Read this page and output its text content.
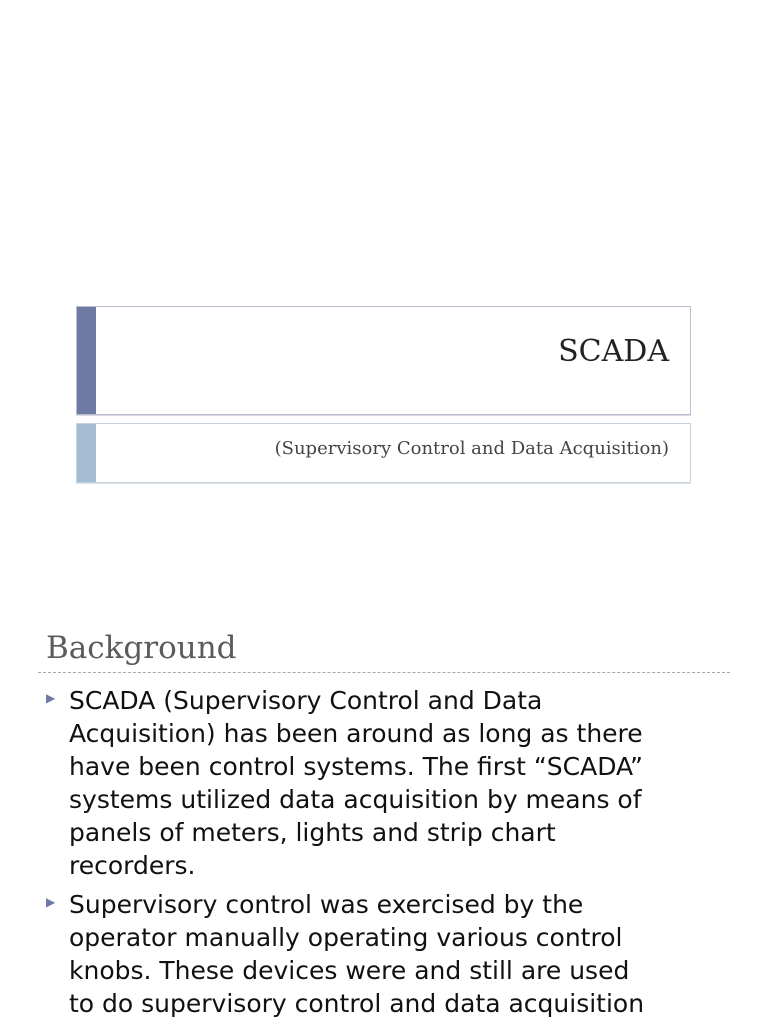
SCADA
(Supervisory Control and Data Acquisition)
Background
▶ SCADA (Supervisory Control and Data
Acquisition) has been around as long as there
have been control systems. The first “SCADA”
systems utilized data acquisition by means of
panels of meters, lights and strip chart
recorders.
▶ Supervisory control was exercised by the
operator manually operating various control
knobs. These devices were and still are used
to do supervisory control and data acquisition
